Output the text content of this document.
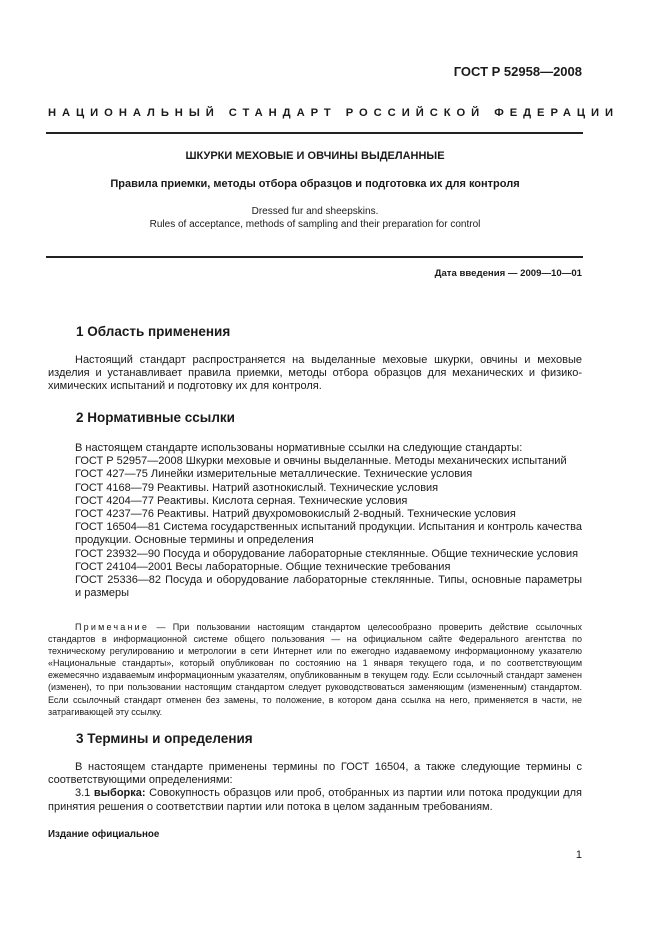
ГОСТ Р 52958—2008
НАЦИОНАЛЬНЫЙ СТАНДАРТ РОССИЙСКОЙ ФЕДЕРАЦИИ
ШКУРКИ МЕХОВЫЕ И ОВЧИНЫ ВЫДЕЛАННЫЕ
Правила приемки, методы отбора образцов и подготовка их для контроля
Dressed fur and sheepskins.
Rules of acceptance, methods of sampling and their preparation for control
Дата введения — 2009—10—01
1 Область применения

Настоящий стандарт распространяется на выделанные меховые шкурки, овчины и меховые изделия и устанавливает правила приемки, методы отбора образцов для механических и физико-химических испытаний и подготовку их для контроля.

2 Нормативные ссылки

В настоящем стандарте использованы нормативные ссылки на следующие стандарты:

ГОСТ Р 52957—2008 Шкурки меховые и овчины выделанные. Методы механических испытаний

ГОСТ 427—75 Линейки измерительные металлические. Технические условия

ГОСТ 4168—79 Реактивы. Натрий азотнокислый. Технические условия

ГОСТ 4204—77 Реактивы. Кислота серная. Технические условия

ГОСТ 4237—76 Реактивы. Натрий двухромовокислый 2-водный. Технические условия

ГОСТ 16504—81 Система государственных испытаний продукции. Испытания и контроль качества продукции. Основные термины и определения

ГОСТ 23932—90 Посуда и оборудование лабораторные стеклянные. Общие технические условия

ГОСТ 24104—2001 Весы лабораторные. Общие технические требования

ГОСТ 25336—82 Посуда и оборудование лабораторные стеклянные. Типы, основные параметры и размеры

Примечание — При пользовании настоящим стандартом целесообразно проверить действие ссылочных стандартов в информационной системе общего пользования — на официальном сайте Федерального агентства по техническому регулированию и метрологии в сети Интернет или по ежегодно издаваемому информационному указателю «Национальные стандарты», который опубликован по состоянию на 1 января текущего года, и по соответствующим ежемесячно издаваемым информационным указателям, опубликованным в текущем году. Если ссылочный стандарт заменен (изменен), то при пользовании настоящим стандартом следует руководствоваться заменяющим (измененным) стандартом. Если ссылочный стандарт отменен без замены, то положение, в котором дана ссылка на него, применяется в части, не затрагивающей эту ссылку.

3 Термины и определения

В настоящем стандарте применены термины по ГОСТ 16504, а также следующие термины с соответствующими определениями:

3.1 выборка: Совокупность образцов или проб, отобранных из партии или потока продукции для принятия решения о соответствии партии или потока в целом заданным требованиям.

Издание официальное
1
